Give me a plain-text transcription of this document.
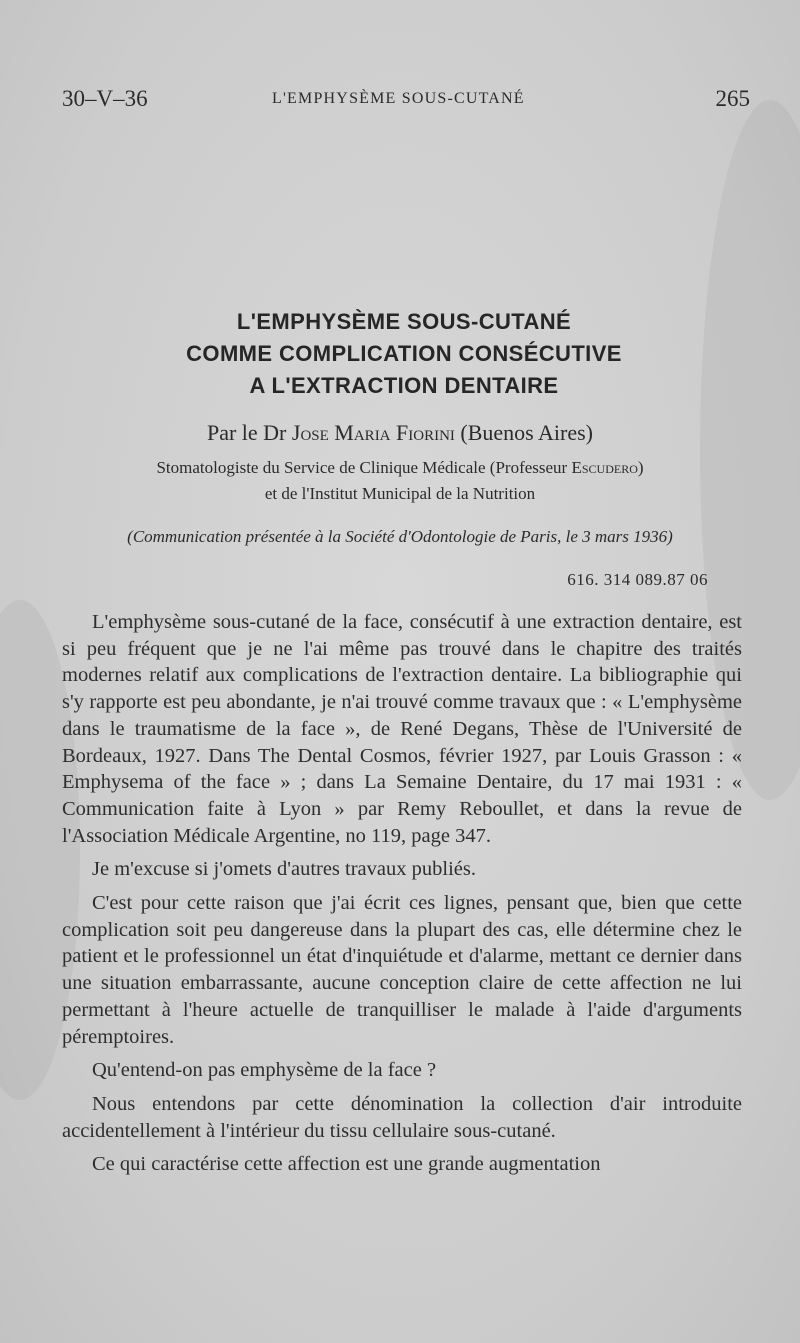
30–V–36	L'EMPHYSÈME SOUS-CUTANÉ	265
L'EMPHYSÈME SOUS-CUTANÉ
COMME COMPLICATION CONSÉCUTIVE
A L'EXTRACTION DENTAIRE
Par le Dr Jose Maria Fiorini (Buenos Aires)
Stomatologiste du Service de Clinique Médicale (Professeur Escudero)
et de l'Institut Municipal de la Nutrition
(Communication présentée à la Société d'Odontologie de Paris, le 3 mars 1936)
616. 314 089.87 06

L'emphysème sous-cutané de la face, consécutif à une extraction dentaire, est si peu fréquent que je ne l'ai même pas trouvé dans le chapitre des traités modernes relatif aux complications de l'extraction dentaire. La bibliographie qui s'y rapporte est peu abondante, je n'ai trouvé comme travaux que : « L'emphysème dans le traumatisme de la face », de René Degans, Thèse de l'Université de Bordeaux, 1927. Dans The Dental Cosmos, février 1927, par Louis Grasson : « Emphysema of the face » ; dans La Semaine Dentaire, du 17 mai 1931 : « Communication faite à Lyon » par Remy Reboullet, et dans la revue de l'Association Médicale Argentine, no 119, page 347.

Je m'excuse si j'omets d'autres travaux publiés.

C'est pour cette raison que j'ai écrit ces lignes, pensant que, bien que cette complication soit peu dangereuse dans la plupart des cas, elle détermine chez le patient et le professionnel un état d'inquiétude et d'alarme, mettant ce dernier dans une situation embarrassante, aucune conception claire de cette affection ne lui permettant à l'heure actuelle de tranquilliser le malade à l'aide d'arguments péremptoires.

Qu'entend-on pas emphysème de la face ?

Nous entendons par cette dénomination la collection d'air introduite accidentellement à l'intérieur du tissu cellulaire sous-cutané.

Ce qui caractérise cette affection est une grande augmentation
